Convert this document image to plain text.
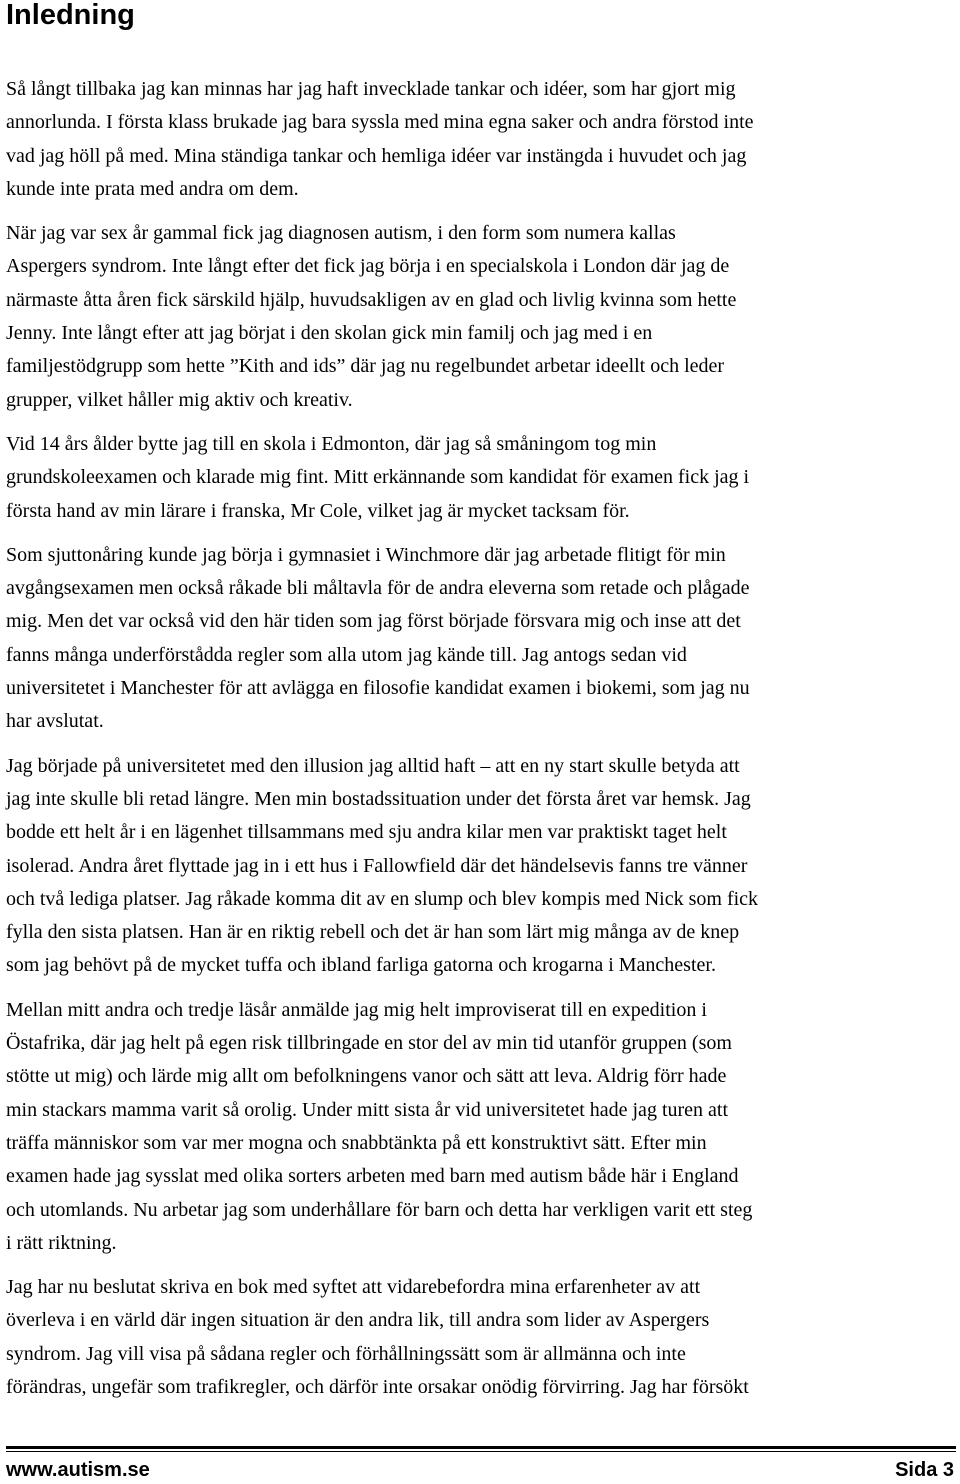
Inledning

Så långt tillbaka jag kan minnas har jag haft invecklade tankar och idéer, som har gjort mig
annorlunda. I första klass brukade jag bara syssla med mina egna saker och andra förstod inte
vad jag höll på med. Mina ständiga tankar och hemliga idéer var instängda i huvudet och jag
kunde inte prata med andra om dem.

När jag var sex år gammal fick jag diagnosen autism, i den form som numera kallas
Aspergers syndrom. Inte långt efter det fick jag börja i en specialskola i London där jag de
närmaste åtta åren fick särskild hjälp, huvudsakligen av en glad och livlig kvinna som hette
Jenny. Inte långt efter att jag börjat i den skolan gick min familj och jag med i en
familjestödgrupp som hette ”Kith and ids” där jag nu regelbundet arbetar ideellt och leder
grupper, vilket håller mig aktiv och kreativ.

Vid 14 års ålder bytte jag till en skola i Edmonton, där jag så småningom tog min
grundskoleexamen och klarade mig fint. Mitt erkännande som kandidat för examen fick jag i
första hand av min lärare i franska, Mr Cole, vilket jag är mycket tacksam för.

Som sjuttonåring kunde jag börja i gymnasiet i Winchmore där jag arbetade flitigt för min
avgångsexamen men också råkade bli måltavla för de andra eleverna som retade och plågade
mig. Men det var också vid den här tiden som jag först började försvara mig och inse att det
fanns många underförstådda regler som alla utom jag kände till. Jag antogs sedan vid
universitetet i Manchester för att avlägga en filosofie kandidat examen i biokemi, som jag nu
har avslutat.

Jag började på universitetet med den illusion jag alltid haft – att en ny start skulle betyda att
jag inte skulle bli retad längre. Men min bostadssituation under det första året var hemsk. Jag
bodde ett helt år i en lägenhet tillsammans med sju andra kilar men var praktiskt taget helt
isolerad. Andra året flyttade jag in i ett hus i Fallowfield där det händelsevis fanns tre vänner
och två lediga platser. Jag råkade komma dit av en slump och blev kompis med Nick som fick
fylla den sista platsen. Han är en riktig rebell och det är han som lärt mig många av de knep
som jag behövt på de mycket tuffa och ibland farliga gatorna och krogarna i Manchester.

Mellan mitt andra och tredje läsår anmälde jag mig helt improviserat till en expedition i
Östafrika, där jag helt på egen risk tillbringade en stor del av min tid utanför gruppen (som
stötte ut mig) och lärde mig allt om befolkningens vanor och sätt att leva. Aldrig förr hade
min stackars mamma varit så orolig. Under mitt sista år vid universitetet hade jag turen att
träffa människor som var mer mogna och snabbtänkta på ett konstruktivt sätt. Efter min
examen hade jag sysslat med olika sorters arbeten med barn med autism både här i England
och utomlands. Nu arbetar jag som underhållare för barn och detta har verkligen varit ett steg
i rätt riktning.

Jag har nu beslutat skriva en bok med syftet att vidarebefordra mina erfarenheter av att
överleva i en värld där ingen situation är den andra lik, till andra som lider av Aspergers
syndrom. Jag vill visa på sådana regler och förhållningssätt som är allmänna och inte
förändras, ungefär som trafikregler, och därför inte orsakar onödig förvirring. Jag har försökt

www.autism.se	Sida 3
